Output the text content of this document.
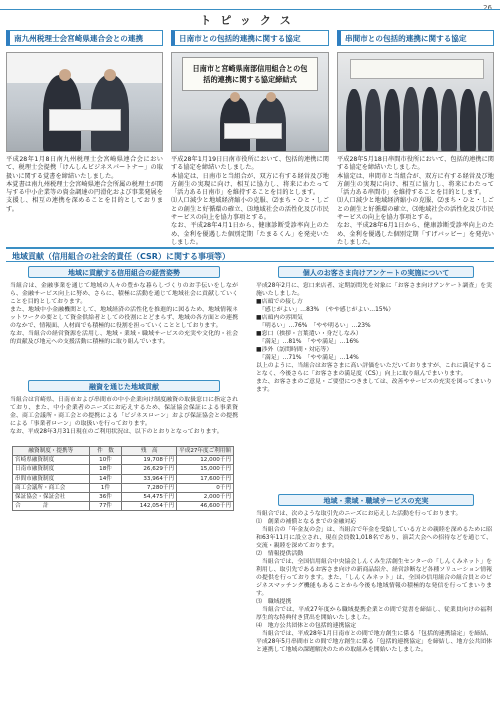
26
トピックス
南九州税理士会宮崎県連合会との連携

平成28年1月8日南九州税理士会宮崎県連合会において、税理士会提携「けんしんビジネスパートナー」の取扱いに関する覚書を締結いたしました。

本覚書は南九州税理士会宮崎県連合会所属の税理士が関与する中小企業等の資金調達の円滑化および事業発展を支援し、相互の連携を深めることを目的としております。

日南市との包括的連携に関する協定
日南市と宮崎県南部信用組合との包括的連携に関する協定締結式

平成28年1月19日日南市役所において、包括的連携に関する協定を締結いたしました。

本協定は、日南市と当組合が、双方に有する経営及び地方創生の実現に向け、相互に協力し、将来にわたって「活力ある日南市」を維持することを目的とします。

⑴人口減少と地域経済縮小の克服、⑵まち・ひと・しごとの創生と好循環の確立、⑶地域社会の活性化及び市民サービスの向上を協力事項とする。

なお、平成28年4月1日から、健康診断受診率向上のため、金利を優遇した個別定期「たまるくん」を発売いたしました。

串間市との包括的連携に関する協定

平成28年5月18日串間市役所において、包括的連携に関する協定を締結いたしました。

本協定は、串間市と当組合が、双方に有する経営及び地方創生の実現に向け、相互に協力し、将来にわたって「活力ある串間市」を維持することを目的とします。

⑴人口減少と地域経済縮小の克服、⑵まち・ひと・しごとの創生と好循環の確立、⑶地域社会の活性化及び市民サービスの向上を協力事項とする。

なお、平成28年6月1日から、健康診断受診率向上のため、金利を優遇した個別定期「すげバッピー」を発売いたしました。

地域貢献（信用組合の社会的責任（CSR）に関する事項等）
地域に貢献する信用組合の経営姿勢

当組合は、金融事業を通じて地域の人々の豊かな暮らしづくりのお手伝いをしながら、金融サービス向上に努め、さらに、積極に活動を通じて地域社会に貢献していくことを目的としております。

また、地域中小金融機関として、地域経済の活性化を推進的に図るため、地域情報ネットワークの要として資金供給者としての役割にとどまらず、地域の各方面との連携のなかで、情報面、人材面でも積極的に役割を担っていくこととしております。

なお、当組合の経営資源を活用し、地域・業域・職域サービスの充実や文化的・社会的貢献及び地元への支援活動に積極的に取り組んでいます。

融資を通じた地域貢献

当組合は宮崎県、日南市および串間市の中小企業向け制度融資の取扱窓口に指定されており、また、中小企業者のニーズにお応えするため、保証協会保証による事業資金、商工会議所・商工会との提携による「ビジネスローン」および保証協会との提携による「事業者ローン」の取扱いを行っております。

なお、平成28年3月31日現在のご利用状況は、以下のとおりとなっております。

融資制度・提携等	件　数	残　高	平成27年度ご利用額
宮崎県融資制度	10件	19,708千円	12,000千円
日南市融資制度	18件	26,629千円	15,000千円
串間市融資制度	14件	33,964千円	17,600千円
商工会議所・商工会	1件	7,280千円	0千円
保証協会・保証会社	36件	54,475千円	2,000千円
合　　　　計	77件	142,054千円	46,600千円
個人のお客さま向けアンケートの実施について

平成28年2月に、窓口来店者、定期訪問先を対象に「お客さま向けアンケート調査」を実施いたしました。

■店頭での接し方

　「感じがよい」…83%　（やや感じがよい…15%）

■店頭内の雰囲気

　「明るい」…76%　「やや明るい」…23%

■窓口（挨拶・言葉遣い・身だしなみ）

　「満足」…81%　「やや満足」…16%

■渉外（訪問時間・対応等）

　「満足」…71%　「やや満足」…14%

以上のように、当組合はお客さまに高い評価をいただいておりますが、これに満足することなく、今後さらに「お客さまの満足度（CS）」向上に取り組んでまいります。

また、お客さまのご意見・ご要望につきましては、改善やサービスの充実を図ってまいります。

地域・業域・職域サービスの充実

当組合では、次のような取引先のニーズにお応えした活動を行っております。

⑴　創業の補償となるまでの金融対応

　当組合の「年金友の会」は、当組合で年金を受給している方との親睦を深めるために昭和63年11月に設立され、現在会員数1,018名であり、演芸大会への招待などを通じて、交流・親睦を深めております。

⑵　情報提供活動

　当組合では、全国信用組合中央協会しんくみ生活創生センターの「しんくみネット」を利用し、取引先であるお客さま向けの新商品紹介、経営診断など各種ソリューション情報の提供を行っております。また、「しんくみネット」は、全国の信用組合の組合員とのビジネスマッチング機能もあることから今後も地域情報の積極的な発信を行ってまいります。

⑶　職域提携

　当組合では、平成27年度から職域提携企業との間で覚書を締結し、従業員向けの福利厚生的な特典付き貸出を開始いたしました。

⑷　地方公共団体との包括的連携協定

　当組合では、平成28年1月日南市との間で地方創生に係る「包括的連携協定」を締結、平成28年5月串間市との間で地方創生に係る「包括的連携協定」を締結し、地方公共団体と連携して地域の課題解決のための取組みを開始いたしました。
